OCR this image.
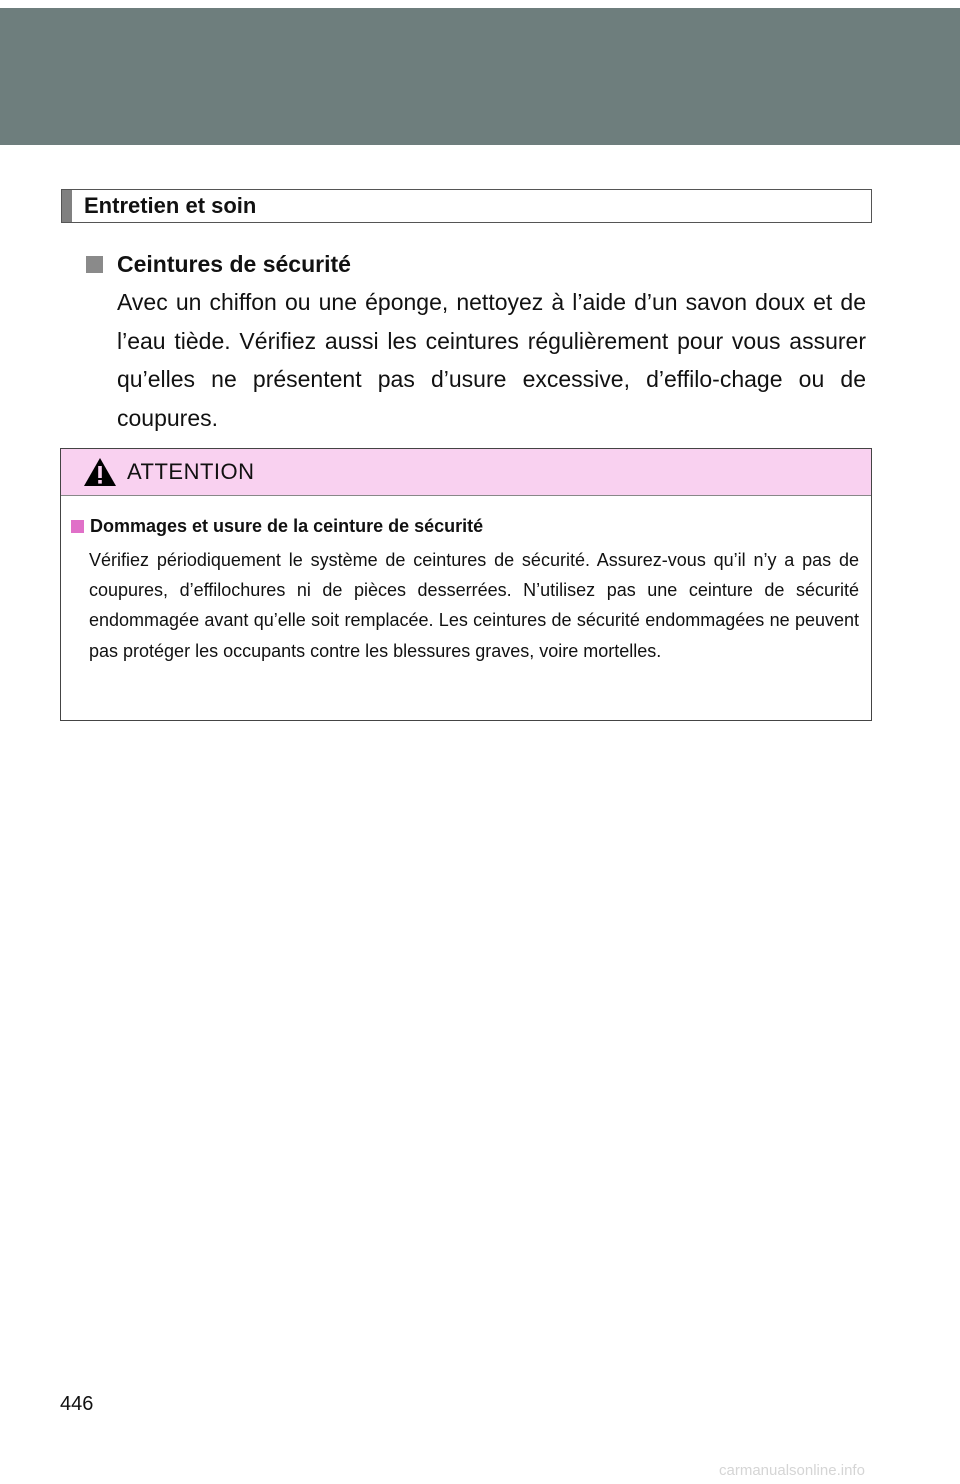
Entretien et soin
Ceintures de sécurité

Avec un chiffon ou une éponge, nettoyez à l’aide d’un savon doux et de l’eau tiède. Vérifiez aussi les ceintures régulièrement pour vous assurer qu’elles ne présentent pas d’usure excessive, d’effilo-chage ou de coupures.

ATTENTION
Dommages et usure de la ceinture de sécurité

Vérifiez périodiquement le système de ceintures de sécurité. Assurez-vous qu’il n’y a pas de coupures, d’effilochures ni de pièces desserrées. N’utilisez pas une ceinture de sécurité endommagée avant qu’elle soit remplacée. Les ceintures de sécurité endommagées ne peuvent pas protéger les occupants contre les blessures graves, voire mortelles.

446
carmanualsonline.info
